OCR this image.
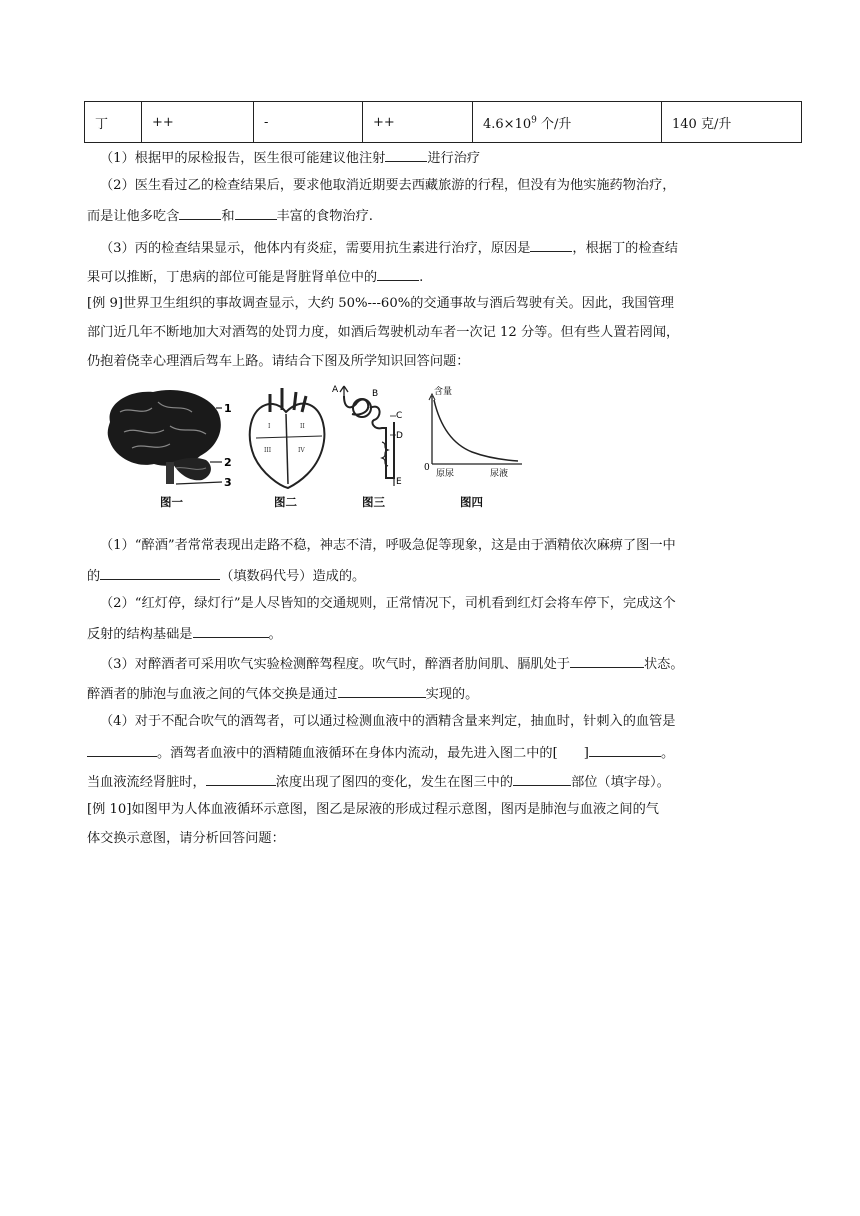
丁	++	-	++	$4.6\times 10^9$ 个/升	140 克/升
（1）根据甲的尿检报告，医生很可能建议他注射	进行治疗
（2）医生看过乙的检查结果后，要求他取消近期要去西藏旅游的行程，但没有为他实施药物治疗，
而是让他多吃含	和	丰富的食物治疗.
（3）丙的检查结果显示，他体内有炎症，需要用抗生素进行治疗，原因是	，根据丁的检查结
果可以推断，丁患病的部位可能是肾脏肾单位中的	.
[例 9]世界卫生组织的事故调查显示，大约 50%---60%的交通事故与酒后驾驶有关。因此，我国管理
部门近几年不断地加大对酒驾的处罚力度，如酒后驾驶机动车者一次记 12 分等。但有些人置若罔闻，
仍抱着侥幸心理酒后驾车上路。请结合下图及所学知识回答问题：
1
2
3
III	IV
I	II
A	B
C
D
E
含量
0
原尿	尿液
图一	图二	图三	图四
（1）“醉酒”者常常表现出走路不稳，神志不清，呼吸急促等现象，这是由于酒精依次麻痹了图一中
的	（填数码代号）造成的。
（2）“红灯停，绿灯行”是人尽皆知的交通规则，正常情况下，司机看到红灯会将车停下，完成这个
反射的结构基础是	。
（3）对醉酒者可采用吹气实验检测醉驾程度。吹气时，醉酒者肋间肌、膈肌处于	状态。
醉酒者的肺泡与血液之间的气体交换是通过	实现的。
（4）对于不配合吹气的酒驾者，可以通过检测血液中的酒精含量来判定，抽血时，针刺入的血管是
。酒驾者血液中的酒精随血液循环在身体内流动，最先进入图二中的[ ]	。
当血液流经肾脏时，	浓度出现了图四的变化，发生在图三中的	部位（填字母）。
[例 10]如图甲为人体血液循环示意图，图乙是尿液的形成过程示意图，图丙是肺泡与血液之间的气
体交换示意图，请分析回答问题：
